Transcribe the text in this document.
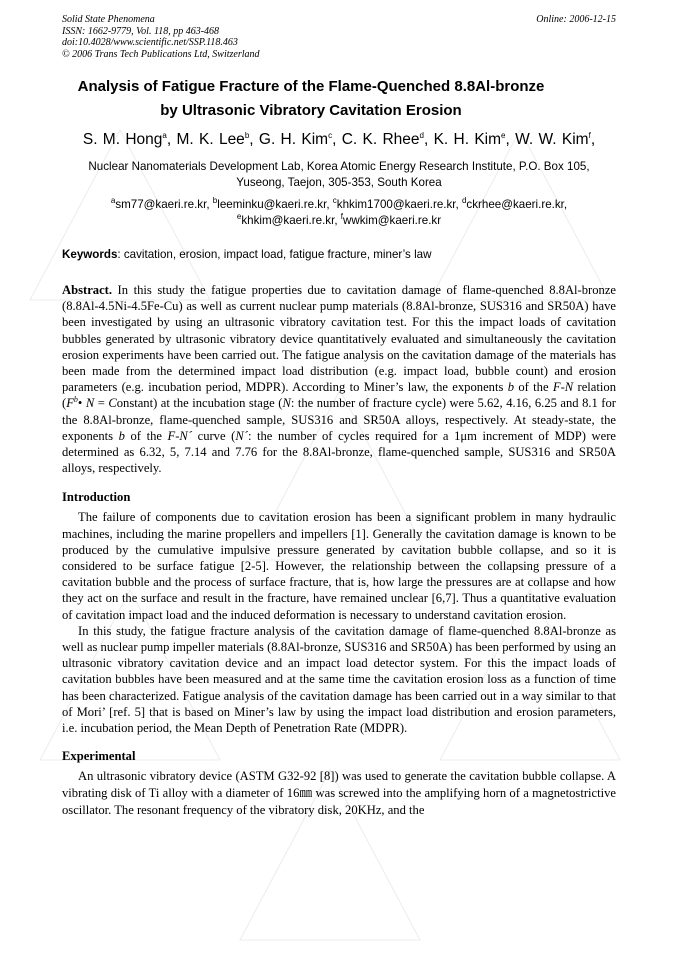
Solid State Phenomena
ISSN: 1662-9779, Vol. 118, pp 463-468
doi:10.4028/www.scientific.net/SSP.118.463
© 2006 Trans Tech Publications Ltd, Switzerland
Online: 2006-12-15
Analysis of Fatigue Fracture of the Flame-Quenched 8.8Al-bronze
by Ultrasonic Vibratory Cavitation Erosion
S. M. Hong$^a$, M. K. Lee$^b$, G. H. Kim$^c$, C. K. Rhee$^d$, K. H. Kim$^e$, W. W. Kim$^f$,
Nuclear Nanomaterials Development Lab, Korea Atomic Energy Research Institute, P.O. Box 105,
Yuseong, Taejon, 305-353, South Korea
$^a$sm77@kaeri.re.kr, $^b$leeminku@kaeri.re.kr, $^c$khkim1700@kaeri.re.kr, $^d$ckrhee@kaeri.re.kr,
$^e$khkim@kaeri.re.kr, $^f$wwkim@kaeri.re.kr
Keywords: cavitation, erosion, impact load, fatigue fracture, miner’s law

Abstract. In this study the fatigue properties due to cavitation damage of flame-quenched 8.8Al-bronze (8.8Al-4.5Ni-4.5Fe-Cu) as well as current nuclear pump materials (8.8Al-bronze, SUS316 and SR50A) have been investigated by using an ultrasonic vibratory cavitation test. For this the impact loads of cavitation bubbles generated by ultrasonic vibratory device quantitatively evaluated and simultaneously the cavitation erosion experiments have been carried out. The fatigue analysis on the cavitation damage of the materials has been made from the determined impact load distribution (e.g. impact load, bubble count) and erosion parameters (e.g. incubation period, MDPR). According to Miner’s law, the exponents b of the F-N relation ($F^b•$ N = Constant) at the incubation stage (N: the number of fracture cycle) were 5.62, 4.16, 6.25 and 8.1 for the 8.8Al-bronze, flame-quenched sample, SUS316 and SR50A alloys, respectively. At steady-state, the exponents b of the F-N´ curve (N´: the number of cycles required for a 1μm increment of MDP) were determined as 6.32, 5, 7.14 and 7.76 for the 8.8Al-bronze, flame-quenched sample, SUS316 and SR50A alloys, respectively.

Introduction

The failure of components due to cavitation erosion has been a significant problem in many hydraulic machines, including the marine propellers and impellers [1]. Generally the cavitation damage is known to be produced by the cumulative impulsive pressure generated by cavitation bubble collapse, and so it is considered to be surface fatigue [2-5]. However, the relationship between the collapsing pressure of a cavitation bubble and the process of surface fracture, that is, how large the pressures are at collapse and how they act on the surface and result in the fracture, have remained unclear [6,7]. Thus a quantitative evaluation of cavitation impact load and the induced deformation is necessary to understand cavitation erosion.

In this study, the fatigue fracture analysis of the cavitation damage of flame-quenched 8.8Al-bronze as well as nuclear pump impeller materials (8.8Al-bronze, SUS316 and SR50A) has been performed by using an ultrasonic vibratory cavitation device and an impact load detector system. For this the impact loads of cavitation bubbles have been measured and at the same time the cavitation erosion loss as a function of time has been characterized. Fatigue analysis of the cavitation damage has been carried out in a way similar to that of Mori’ [ref. 5] that is based on Miner’s law by using the impact load distribution and erosion parameters, i.e. incubation period, the Mean Depth of Penetration Rate (MDPR).

Experimental

An ultrasonic vibratory device (ASTM G32-92 [8]) was used to generate the cavitation bubble collapse. A vibrating disk of Ti alloy with a diameter of 16㎜ was screwed into the amplifying horn of a magnetostrictive oscillator. The resonant frequency of the vibratory disk, 20KHz, and the
